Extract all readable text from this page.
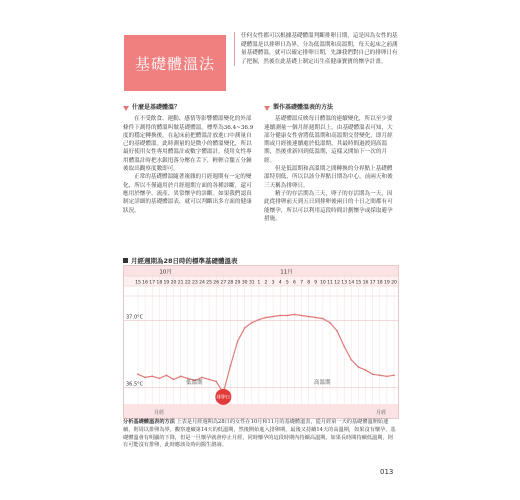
基礎體溫法
任何女性都可以根據基礎體溫判斷排卵日期，這是因為女性的基礎體溫是以排卵日為界，分為低溫期和高溫期，每天起床之前測量基礎體溫，就可以確定排卵日期，先讓我們對自己的排卵日有了把握，然後在此基礎上制定出生產健康寶寶的懷孕計畫。
什麼是基礎體溫？

在不受飲食、運動、感情等影響體溫變化的外部條件下測得的體溫叫做基礎體溫。標準為36.4~36.9度的穩定轉換後，在起床前把體溫計放進口中測量自己的基礎體溫。此時測量的是微小的體溫變化，所以最好使用女性專用體溫計或數字體溫計。使用女性專用體溫計時把水銀甩落分壓在舌下，輕輕合攏五分鐘後取出觀察度數即可。

正常的基礎體溫隨著複雜的月經週期有一定的變化，所以不僅適用於月經週期方面的各種診斷，還可應用於懷孕、流產、異常懷孕的診斷。如果我們認真制定詳細的基礎體溫表，就可以判斷出多方面的健康狀況。

製作基礎體溫表的方法

基礎體溫反映每日體溫的連續變化，所以至少要連續測量一個月經週期以上，由基礎體溫表可知，大部分健康女性會將低溫期和高溫期交替變化，即月經期或月經後連續處於低溫期，其最時間過渡到高溫期，然後重新回到低溫期，這樣又開始下一次的月經。

但是低溫期和高溫期之間轉換的分界點上基礎體溫特別低，所以以該分界點日期為中心，前兩天和後三天稱為排卵日。

精子的存活期為三天，卵子的存活期為一天，因此從排卵前天到五日到排卵後兩日的十日之間都有可能懷孕，所以可以利用這段時間計劃懷孕或採取避孕措施。

月經週期為28日時的標準基礎體溫表
10月	11月
15 16 17 18 19 20 21 22 23 24 25 26 27 28 29 30 31 1 2 3 4 5 6 7 8 9 10 11 12 13 14 15 16 17 18 19 20
37.0°C
36.5°C	低溫期	高溫期
排卵日
月經	月經
分析基礎體溫表的方法 上表是月經週期為28日的女性在10月和11月的基礎體溫表，從月經第一天的基礎體溫開始連續，則周以排卵為界，觀察連續第14天的低溫期，然後開始進入排卵期，最後又持續14天的高溫期，如果沒有懷孕，基礎體溫會有明顯的下降，但是一旦懷孕就會停止月經，同時懷孕的這段時期內持續高溫期。如果長時間持續低溫期，則有可能沒有排卵，此時應該及時向醫生諮詢。
013
